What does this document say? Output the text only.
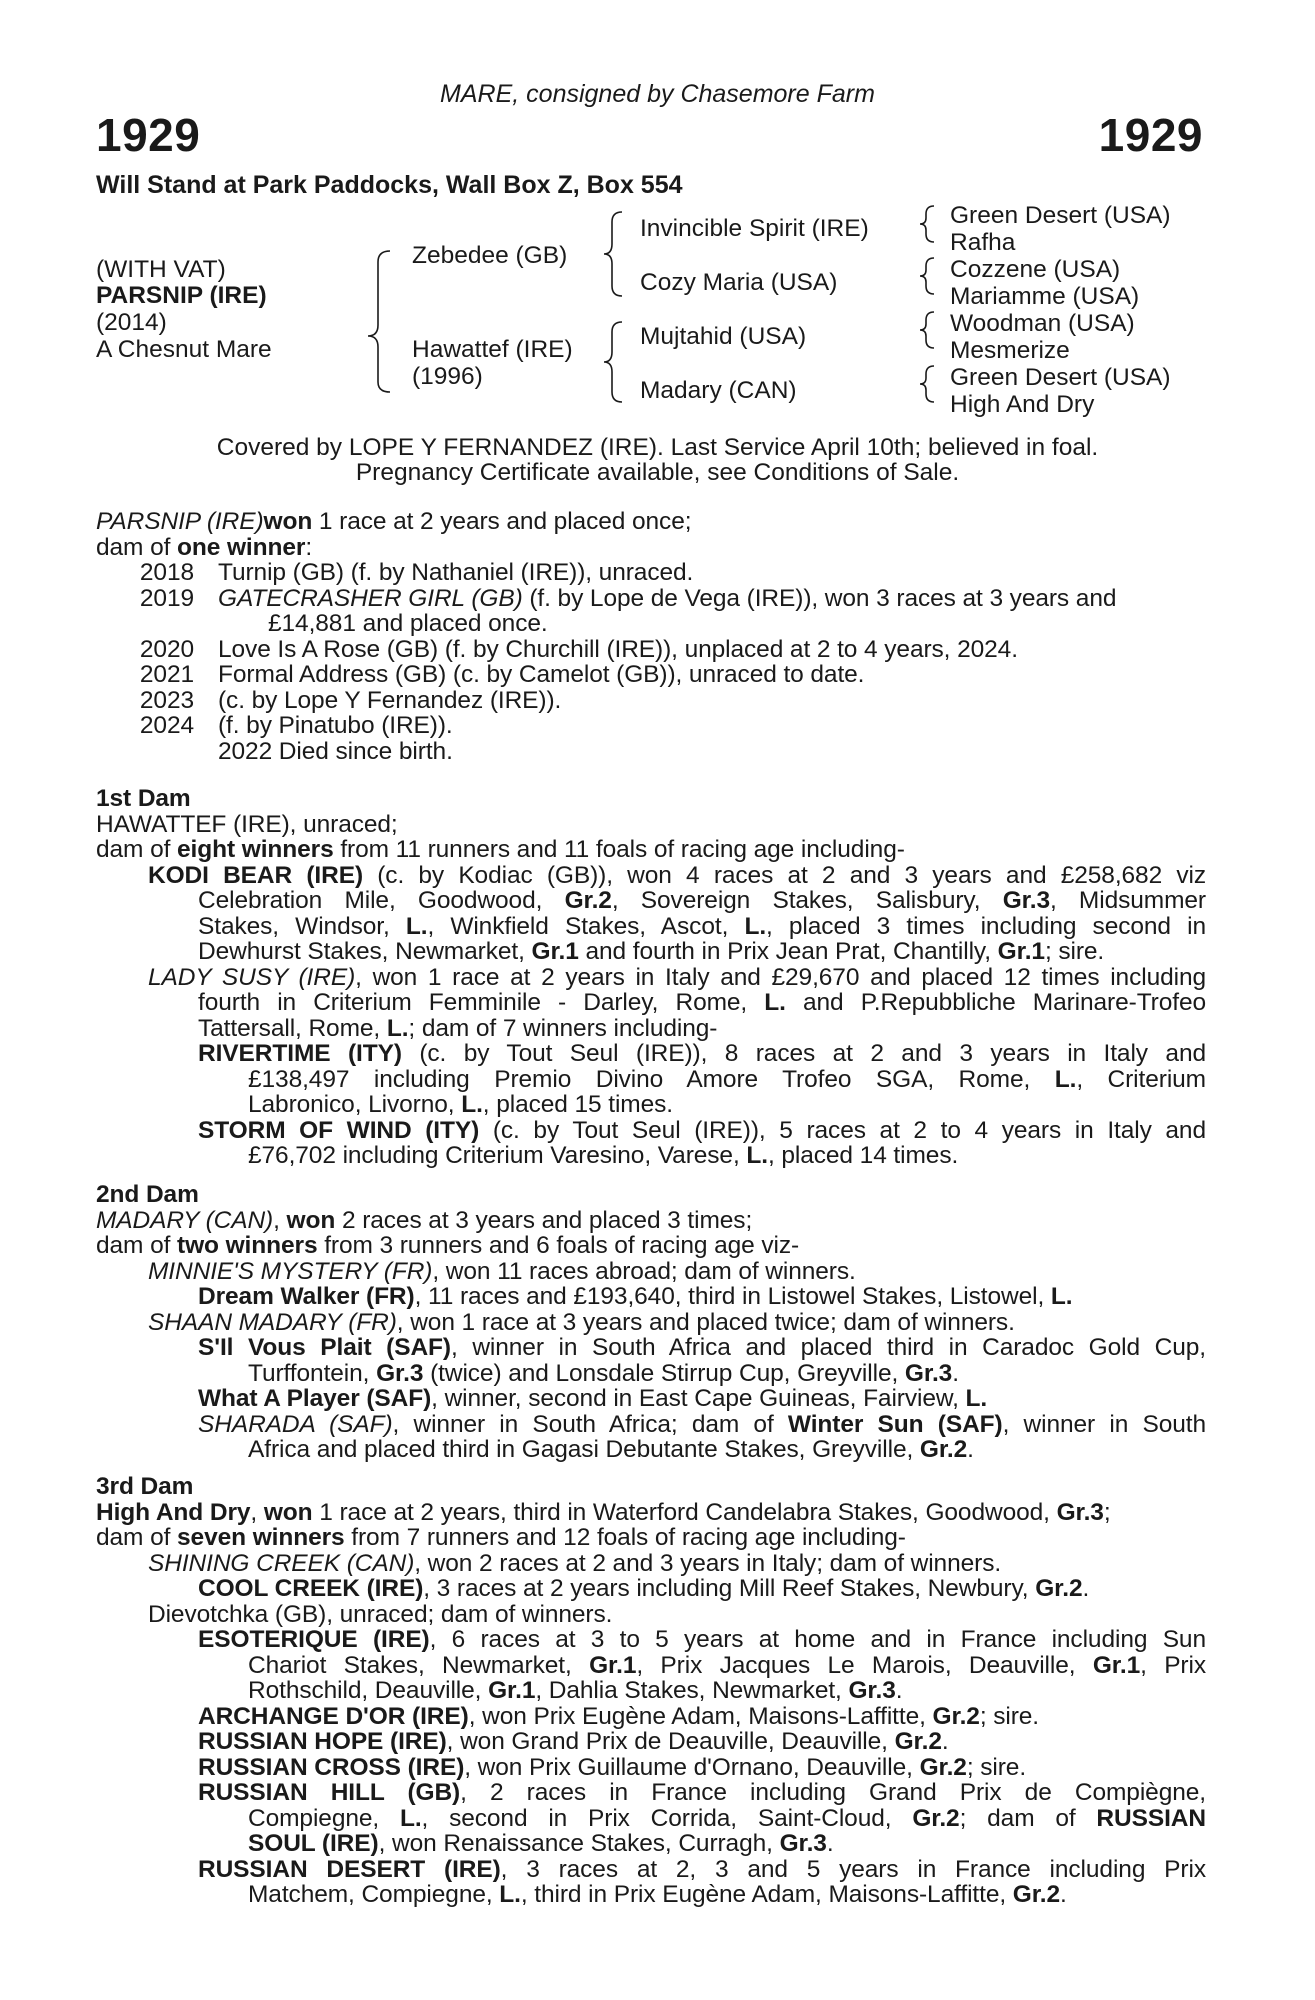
MARE, consigned by Chasemore Farm
1929	1929
Will Stand at Park Paddocks, Wall Box Z, Box 554
(WITH VAT)
PARSNIP (IRE)
(2014)
A Chesnut Mare
Zebedee (GB)
Hawattef (IRE)
(1996)
Invincible Spirit (IRE)
Cozy Maria (USA)
Mujtahid (USA)
Madary (CAN)
Green Desert (USA)
Rafha
Cozzene (USA)
Mariamme (USA)
Woodman (USA)
Mesmerize
Green Desert (USA)
High And Dry
Covered by LOPE Y FERNANDEZ (IRE). Last Service April 10th; believed in foal.
Pregnancy Certificate available, see Conditions of Sale.
PARSNIP (IRE)won 1 race at 2 years and placed once;
dam of one winner:
2018 Turnip (GB) (f. by Nathaniel (IRE)), unraced.
2019 GATECRASHER GIRL (GB) (f. by Lope de Vega (IRE)), won 3 races at 3 years and
£14,881 and placed once.
2020 Love Is A Rose (GB) (f. by Churchill (IRE)), unplaced at 2 to 4 years, 2024.
2021 Formal Address (GB) (c. by Camelot (GB)), unraced to date.
2023 (c. by Lope Y Fernandez (IRE)).
2024 (f. by Pinatubo (IRE)).
2022 Died since birth.
1st Dam
HAWATTEF (IRE), unraced;
dam of eight winners from 11 runners and 11 foals of racing age including-
KODI BEAR (IRE) (c. by Kodiac (GB)), won 4 races at 2 and 3 years and £258,682 viz
Celebration Mile, Goodwood, Gr.2, Sovereign Stakes, Salisbury, Gr.3, Midsummer
Stakes, Windsor, L., Winkfield Stakes, Ascot, L., placed 3 times including second in
Dewhurst Stakes, Newmarket, Gr.1 and fourth in Prix Jean Prat, Chantilly, Gr.1; sire.
LADY SUSY (IRE), won 1 race at 2 years in Italy and £29,670 and placed 12 times including
fourth in Criterium Femminile - Darley, Rome, L. and P.Repubbliche Marinare-Trofeo
Tattersall, Rome, L.; dam of 7 winners including-
RIVERTIME (ITY) (c. by Tout Seul (IRE)), 8 races at 2 and 3 years in Italy and
£138,497 including Premio Divino Amore Trofeo SGA, Rome, L., Criterium
Labronico, Livorno, L., placed 15 times.
STORM OF WIND (ITY) (c. by Tout Seul (IRE)), 5 races at 2 to 4 years in Italy and
£76,702 including Criterium Varesino, Varese, L., placed 14 times.
2nd Dam
MADARY (CAN), won 2 races at 3 years and placed 3 times;
dam of two winners from 3 runners and 6 foals of racing age viz-
MINNIE'S MYSTERY (FR), won 11 races abroad; dam of winners.
Dream Walker (FR), 11 races and £193,640, third in Listowel Stakes, Listowel, L.
SHAAN MADARY (FR), won 1 race at 3 years and placed twice; dam of winners.
S'Il Vous Plait (SAF), winner in South Africa and placed third in Caradoc Gold Cup,
Turffontein, Gr.3 (twice) and Lonsdale Stirrup Cup, Greyville, Gr.3.
What A Player (SAF), winner, second in East Cape Guineas, Fairview, L.
SHARADA (SAF), winner in South Africa; dam of Winter Sun (SAF), winner in South
Africa and placed third in Gagasi Debutante Stakes, Greyville, Gr.2.
3rd Dam
High And Dry, won 1 race at 2 years, third in Waterford Candelabra Stakes, Goodwood, Gr.3;
dam of seven winners from 7 runners and 12 foals of racing age including-
SHINING CREEK (CAN), won 2 races at 2 and 3 years in Italy; dam of winners.
COOL CREEK (IRE), 3 races at 2 years including Mill Reef Stakes, Newbury, Gr.2.
Dievotchka (GB), unraced; dam of winners.
ESOTERIQUE (IRE), 6 races at 3 to 5 years at home and in France including Sun
Chariot Stakes, Newmarket, Gr.1, Prix Jacques Le Marois, Deauville, Gr.1, Prix
Rothschild, Deauville, Gr.1, Dahlia Stakes, Newmarket, Gr.3.
ARCHANGE D'OR (IRE), won Prix Eugène Adam, Maisons-Laffitte, Gr.2; sire.
RUSSIAN HOPE (IRE), won Grand Prix de Deauville, Deauville, Gr.2.
RUSSIAN CROSS (IRE), won Prix Guillaume d'Ornano, Deauville, Gr.2; sire.
RUSSIAN HILL (GB), 2 races in France including Grand Prix de Compiègne,
Compiegne, L., second in Prix Corrida, Saint-Cloud, Gr.2; dam of RUSSIAN
SOUL (IRE), won Renaissance Stakes, Curragh, Gr.3.
RUSSIAN DESERT (IRE), 3 races at 2, 3 and 5 years in France including Prix
Matchem, Compiegne, L., third in Prix Eugène Adam, Maisons-Laffitte, Gr.2.
